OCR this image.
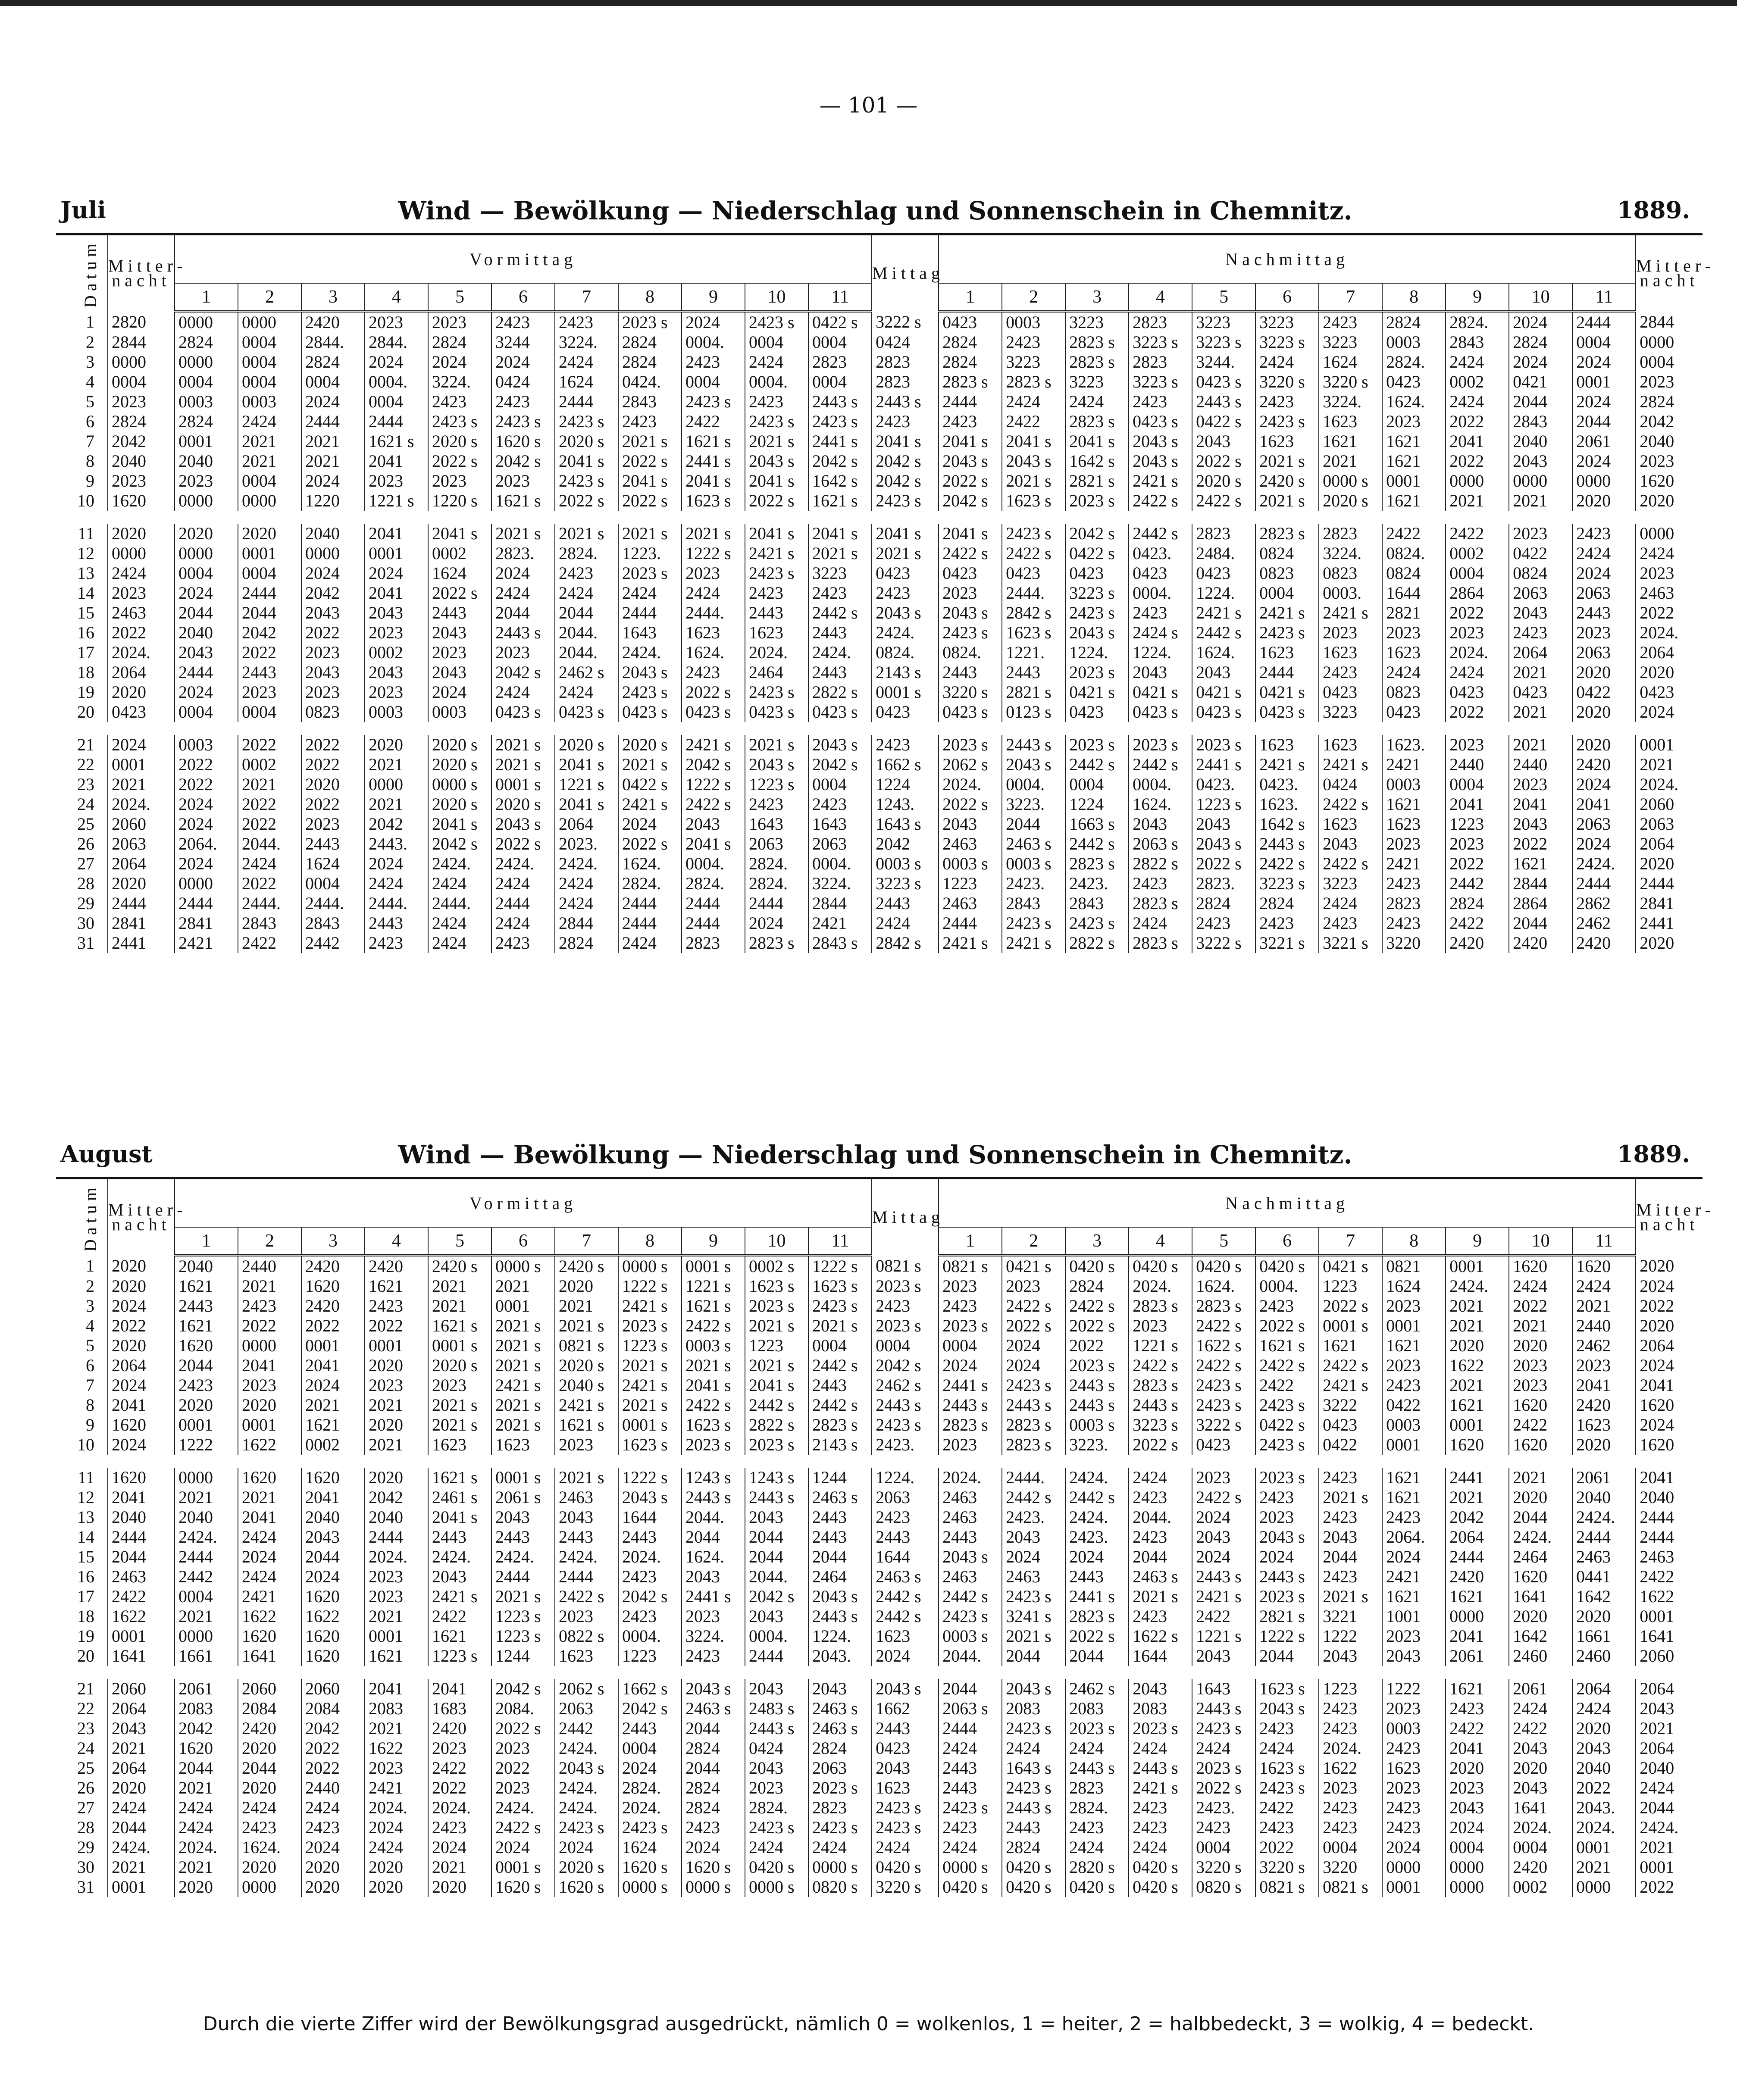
— 101 —
Juli	Wind — Bewölkung — Niederschlag und Sonnenschein in Chemnitz.	1889.
Datum	Mitter-
nacht	Vormittag											Mittag	Nachmittag											Mitter-
nacht
		1	2	3	4	5	6	7	8	9	10	11		1	2	3	4	5	6	7	8	9	10	11	
1	2820	0000	0000	2420	2023	2023	2423	2423	2023 s	2024	2423 s	0422 s	3222 s	0423	0003	3223	2823	3223	3223	2423	2824	2824.	2024	2444	2844
2	2844	2824	0004	2844.	2844.	2824	3244	3224.	2824	0004.	0004	0004	0424	2824	2423	2823 s	3223 s	3223 s	3223 s	3223	0003	2843	2824	0004	0000
3	0000	0000	0004	2824	2024	2024	2024	2424	2824	2423	2424	2823	2823	2824	3223	2823 s	2823	3244.	2424	1624	2824.	2424	2024	2024	0004
4	0004	0004	0004	0004	0004.	3224.	0424	1624	0424.	0004	0004.	0004	2823	2823 s	2823 s	3223	3223 s	0423 s	3220 s	3220 s	0423	0002	0421	0001	2023
5	2023	0003	0003	2024	0004	2423	2423	2444	2843	2423 s	2423	2443 s	2443 s	2444	2424	2424	2423	2443 s	2423	3224.	1624.	2424	2044	2024	2824
6	2824	2824	2424	2444	2444	2423 s	2423 s	2423 s	2423	2422	2423 s	2423 s	2423	2423	2422	2823 s	0423 s	0422 s	2423 s	1623	2023	2022	2843	2044	2042
7	2042	0001	2021	2021	1621 s	2020 s	1620 s	2020 s	2021 s	1621 s	2021 s	2441 s	2041 s	2041 s	2041 s	2041 s	2043 s	2043	1623	1621	1621	2041	2040	2061	2040
8	2040	2040	2021	2021	2041	2022 s	2042 s	2041 s	2022 s	2441 s	2043 s	2042 s	2042 s	2043 s	2043 s	1642 s	2043 s	2022 s	2021 s	2021	1621	2022	2043	2024	2023
9	2023	2023	0004	2024	2023	2023	2023	2423 s	2041 s	2041 s	2041 s	1642 s	2042 s	2022 s	2021 s	2821 s	2421 s	2020 s	2420 s	0000 s	0001	0000	0000	0000	1620
10	1620	0000	0000	1220	1221 s	1220 s	1621 s	2022 s	2022 s	1623 s	2022 s	1621 s	2423 s	2042 s	1623 s	2023 s	2422 s	2422 s	2021 s	2020 s	1621	2021	2021	2020	2020

11	2020	2020	2020	2040	2041	2041 s	2021 s	2021 s	2021 s	2021 s	2041 s	2041 s	2041 s	2041 s	2423 s	2042 s	2442 s	2823	2823 s	2823	2422	2422	2023	2423	0000
12	0000	0000	0001	0000	0001	0002	2823.	2824.	1223.	1222 s	2421 s	2021 s	2021 s	2422 s	2422 s	0422 s	0423.	2484.	0824	3224.	0824.	0002	0422	2424	2424
13	2424	0004	0004	2024	2024	1624	2024	2423	2023 s	2023	2423 s	3223	0423	0423	0423	0423	0423	0423	0823	0823	0824	0004	0824	2024	2023
14	2023	2024	2444	2042	2041	2022 s	2424	2424	2424	2424	2423	2423	2423	2023	2444.	3223 s	0004.	1224.	0004	0003.	1644	2864	2063	2063	2463
15	2463	2044	2044	2043	2043	2443	2044	2044	2444	2444.	2443	2442 s	2043 s	2043 s	2842 s	2423 s	2423	2421 s	2421 s	2421 s	2821	2022	2043	2443	2022
16	2022	2040	2042	2022	2023	2043	2443 s	2044.	1643	1623	1623	2443	2424.	2423 s	1623 s	2043 s	2424 s	2442 s	2423 s	2023	2023	2023	2423	2023	2024.
17	2024.	2043	2022	2023	0002	2023	2023	2044.	2424.	1624.	2024.	2424.	0824.	0824.	1221.	1224.	1224.	1624.	1623	1623	1623	2024.	2064	2063	2064
18	2064	2444	2443	2043	2043	2043	2042 s	2462 s	2043 s	2423	2464	2443	2143 s	2443	2443	2023 s	2043	2043	2444	2423	2424	2424	2021	2020	2020
19	2020	2024	2023	2023	2023	2024	2424	2424	2423 s	2022 s	2423 s	2822 s	0001 s	3220 s	2821 s	0421 s	0421 s	0421 s	0421 s	0423	0823	0423	0423	0422	0423
20	0423	0004	0004	0823	0003	0003	0423 s	0423 s	0423 s	0423 s	0423 s	0423 s	0423	0423 s	0123 s	0423	0423 s	0423 s	0423 s	3223	0423	2022	2021	2020	2024

21	2024	0003	2022	2022	2020	2020 s	2021 s	2020 s	2020 s	2421 s	2021 s	2043 s	2423	2023 s	2443 s	2023 s	2023 s	2023 s	1623	1623	1623.	2023	2021	2020	0001
22	0001	2022	0002	2022	2021	2020 s	2021 s	2041 s	2021 s	2042 s	2043 s	2042 s	1662 s	2062 s	2043 s	2442 s	2442 s	2441 s	2421 s	2421 s	2421	2440	2440	2420	2021
23	2021	2022	2021	2020	0000	0000 s	0001 s	1221 s	0422 s	1222 s	1223 s	0004	1224	2024.	0004.	0004	0004.	0423.	0423.	0424	0003	0004	2023	2024	2024.
24	2024.	2024	2022	2022	2021	2020 s	2020 s	2041 s	2421 s	2422 s	2423	2423	1243.	2022 s	3223.	1224	1624.	1223 s	1623.	2422 s	1621	2041	2041	2041	2060
25	2060	2024	2022	2023	2042	2041 s	2043 s	2064	2024	2043	1643	1643	1643 s	2043	2044	1663 s	2043	2043	1642 s	1623	1623	1223	2043	2063	2063
26	2063	2064.	2044.	2443	2443.	2042 s	2022 s	2023.	2022 s	2041 s	2063	2063	2042	2463	2463 s	2442 s	2063 s	2043 s	2443 s	2043	2023	2023	2022	2024	2064
27	2064	2024	2424	1624	2024	2424.	2424.	2424.	1624.	0004.	2824.	0004.	0003 s	0003 s	0003 s	2823 s	2822 s	2022 s	2422 s	2422 s	2421	2022	1621	2424.	2020
28	2020	0000	2022	0004	2424	2424	2424	2424	2824.	2824.	2824.	3224.	3223 s	1223	2423.	2423.	2423	2823.	3223 s	3223	2423	2442	2844	2444	2444
29	2444	2444	2444.	2444.	2444.	2444.	2444	2424	2444	2444	2444	2844	2443	2463	2843	2843	2823 s	2824	2824	2424	2823	2824	2864	2862	2841
30	2841	2841	2843	2843	2443	2424	2424	2844	2444	2444	2024	2421	2424	2444	2423 s	2423 s	2424	2423	2423	2423	2423	2422	2044	2462	2441
31	2441	2421	2422	2442	2423	2424	2423	2824	2424	2823	2823 s	2843 s	2842 s	2421 s	2421 s	2822 s	2823 s	3222 s	3221 s	3221 s	3220	2420	2420	2420	2020
August	Wind — Bewölkung — Niederschlag und Sonnenschein in Chemnitz.	1889.
Datum	Mitter-
nacht	Vormittag											Mittag	Nachmittag											Mitter-
nacht
		1	2	3	4	5	6	7	8	9	10	11		1	2	3	4	5	6	7	8	9	10	11	
1	2020	2040	2440	2420	2420	2420 s	0000 s	2420 s	0000 s	0001 s	0002 s	1222 s	0821 s	0821 s	0421 s	0420 s	0420 s	0420 s	0420 s	0421 s	0821	0001	1620	1620	2020
2	2020	1621	2021	1620	1621	2021	2021	2020	1222 s	1221 s	1623 s	1623 s	2023 s	2023	2023	2824	2024.	1624.	0004.	1223	1624	2424.	2424	2424	2024
3	2024	2443	2423	2420	2423	2021	0001	2021	2421 s	1621 s	2023 s	2423 s	2423	2423	2422 s	2422 s	2823 s	2823 s	2423	2022 s	2023	2021	2022	2021	2022
4	2022	1621	2022	2022	2022	1621 s	2021 s	2021 s	2023 s	2422 s	2021 s	2021 s	2023 s	2023 s	2022 s	2022 s	2023	2422 s	2022 s	0001 s	0001	2021	2021	2440	2020
5	2020	1620	0000	0001	0001	0001 s	2021 s	0821 s	1223 s	0003 s	1223	0004	0004	0004	2024	2022	1221 s	1622 s	1621 s	1621	1621	2020	2020	2462	2064
6	2064	2044	2041	2041	2020	2020 s	2021 s	2020 s	2021 s	2021 s	2021 s	2442 s	2042 s	2024	2024	2023 s	2422 s	2422 s	2422 s	2422 s	2023	1622	2023	2023	2024
7	2024	2423	2023	2024	2023	2023	2421 s	2040 s	2421 s	2041 s	2041 s	2443	2462 s	2441 s	2423 s	2443 s	2823 s	2423 s	2422	2421 s	2423	2021	2023	2041	2041
8	2041	2020	2020	2021	2021	2021 s	2021 s	2421 s	2021 s	2422 s	2442 s	2442 s	2443 s	2443 s	2443 s	2443 s	2443 s	2423 s	2423 s	3222	0422	1621	1620	2420	1620
9	1620	0001	0001	1621	2020	2021 s	2021 s	1621 s	0001 s	1623 s	2822 s	2823 s	2423 s	2823 s	2823 s	0003 s	3223 s	3222 s	0422 s	0423	0003	0001	2422	1623	2024
10	2024	1222	1622	0002	2021	1623	1623	2023	1623 s	2023 s	2023 s	2143 s	2423.	2023	2823 s	3223.	2022 s	0423	2423 s	0422	0001	1620	1620	2020	1620

11	1620	0000	1620	1620	2020	1621 s	0001 s	2021 s	1222 s	1243 s	1243 s	1244	1224.	2024.	2444.	2424.	2424	2023	2023 s	2423	1621	2441	2021	2061	2041
12	2041	2021	2021	2041	2042	2461 s	2061 s	2463	2043 s	2443 s	2443 s	2463 s	2063	2463	2442 s	2442 s	2423	2422 s	2423	2021 s	1621	2021	2020	2040	2040
13	2040	2040	2041	2040	2040	2041 s	2043	2043	1644	2044.	2043	2443	2423	2463	2423.	2424.	2044.	2024	2023	2423	2423	2042	2044	2424.	2444
14	2444	2424.	2424	2043	2444	2443	2443	2443	2443	2044	2044	2443	2443	2443	2043	2423.	2423	2043	2043 s	2043	2064.	2064	2424.	2444	2444
15	2044	2444	2024	2044	2024.	2424.	2424.	2424.	2024.	1624.	2044	2044	1644	2043 s	2024	2024	2044	2024	2024	2044	2024	2444	2464	2463	2463
16	2463	2442	2424	2024	2023	2043	2444	2444	2423	2043	2044.	2464	2463 s	2463	2463	2443	2463 s	2443 s	2443 s	2423	2421	2420	1620	0441	2422
17	2422	0004	2421	1620	2023	2421 s	2021 s	2422 s	2042 s	2441 s	2042 s	2043 s	2442 s	2442 s	2423 s	2441 s	2021 s	2421 s	2023 s	2021 s	1621	1621	1641	1642	1622
18	1622	2021	1622	1622	2021	2422	1223 s	2023	2423	2023	2043	2443 s	2442 s	2423 s	3241 s	2823 s	2423	2422	2821 s	3221	1001	0000	2020	2020	0001
19	0001	0000	1620	1620	0001	1621	1223 s	0822 s	0004.	3224.	0004.	1224.	1623	0003 s	2021 s	2022 s	1622 s	1221 s	1222 s	1222	2023	2041	1642	1661	1641
20	1641	1661	1641	1620	1621	1223 s	1244	1623	1223	2423	2444	2043.	2024	2044.	2044	2044	1644	2043	2044	2043	2043	2061	2460	2460	2060

21	2060	2061	2060	2060	2041	2041	2042 s	2062 s	1662 s	2043 s	2043	2043	2043 s	2044	2043 s	2462 s	2043	1643	1623 s	1223	1222	1621	2061	2064	2064
22	2064	2083	2084	2084	2083	1683	2084.	2063	2042 s	2463 s	2483 s	2463 s	1662	2063 s	2083	2083	2083	2443 s	2043 s	2423	2023	2423	2424	2424	2043
23	2043	2042	2420	2042	2021	2420	2022 s	2442	2443	2044	2443 s	2463 s	2443	2444	2423 s	2023 s	2023 s	2423 s	2423	2423	0003	2422	2422	2020	2021
24	2021	1620	2020	2022	1622	2023	2023	2424.	0004	2824	0424	2824	0423	2424	2424	2424	2424	2424	2424	2024.	2423	2041	2043	2043	2064
25	2064	2044	2044	2022	2023	2422	2022	2043 s	2024	2044	2043	2063	2043	2443	1643 s	2443 s	2443 s	2023 s	1623 s	1622	1623	2020	2020	2040	2040
26	2020	2021	2020	2440	2421	2022	2023	2424.	2824.	2824	2023	2023 s	1623	2443	2423 s	2823	2421 s	2022 s	2423 s	2023	2023	2023	2043	2022	2424
27	2424	2424	2424	2424	2024.	2024.	2424.	2424.	2024.	2824	2824.	2823	2423 s	2423 s	2443 s	2824.	2423	2423.	2422	2423	2423	2043	1641	2043.	2044
28	2044	2424	2423	2423	2024	2423	2422 s	2423 s	2423 s	2423	2423 s	2423 s	2423 s	2423	2443	2423	2423	2423	2423	2423	2423	2024	2024.	2024.	2424.
29	2424.	2024.	1624.	2024	2424	2024	2024	2024	1624	2024	2424	2424	2424	2424	2824	2424	2424	0004	2022	0004	2024	0004	0004	0001	2021
30	2021	2021	2020	2020	2020	2021	0001 s	2020 s	1620 s	1620 s	0420 s	0000 s	0420 s	0000 s	0420 s	2820 s	0420 s	3220 s	3220 s	3220	0000	0000	2420	2021	0001
31	0001	2020	0000	2020	2020	2020	1620 s	1620 s	0000 s	0000 s	0000 s	0820 s	3220 s	0420 s	0420 s	0420 s	0420 s	0820 s	0821 s	0821 s	0001	0000	0002	0000	2022
Durch die vierte Ziffer wird der Bewölkungsgrad ausgedrückt, nämlich 0 = wolkenlos, 1 = heiter, 2 = halbbedeckt, 3 = wolkig, 4 = bedeckt.
